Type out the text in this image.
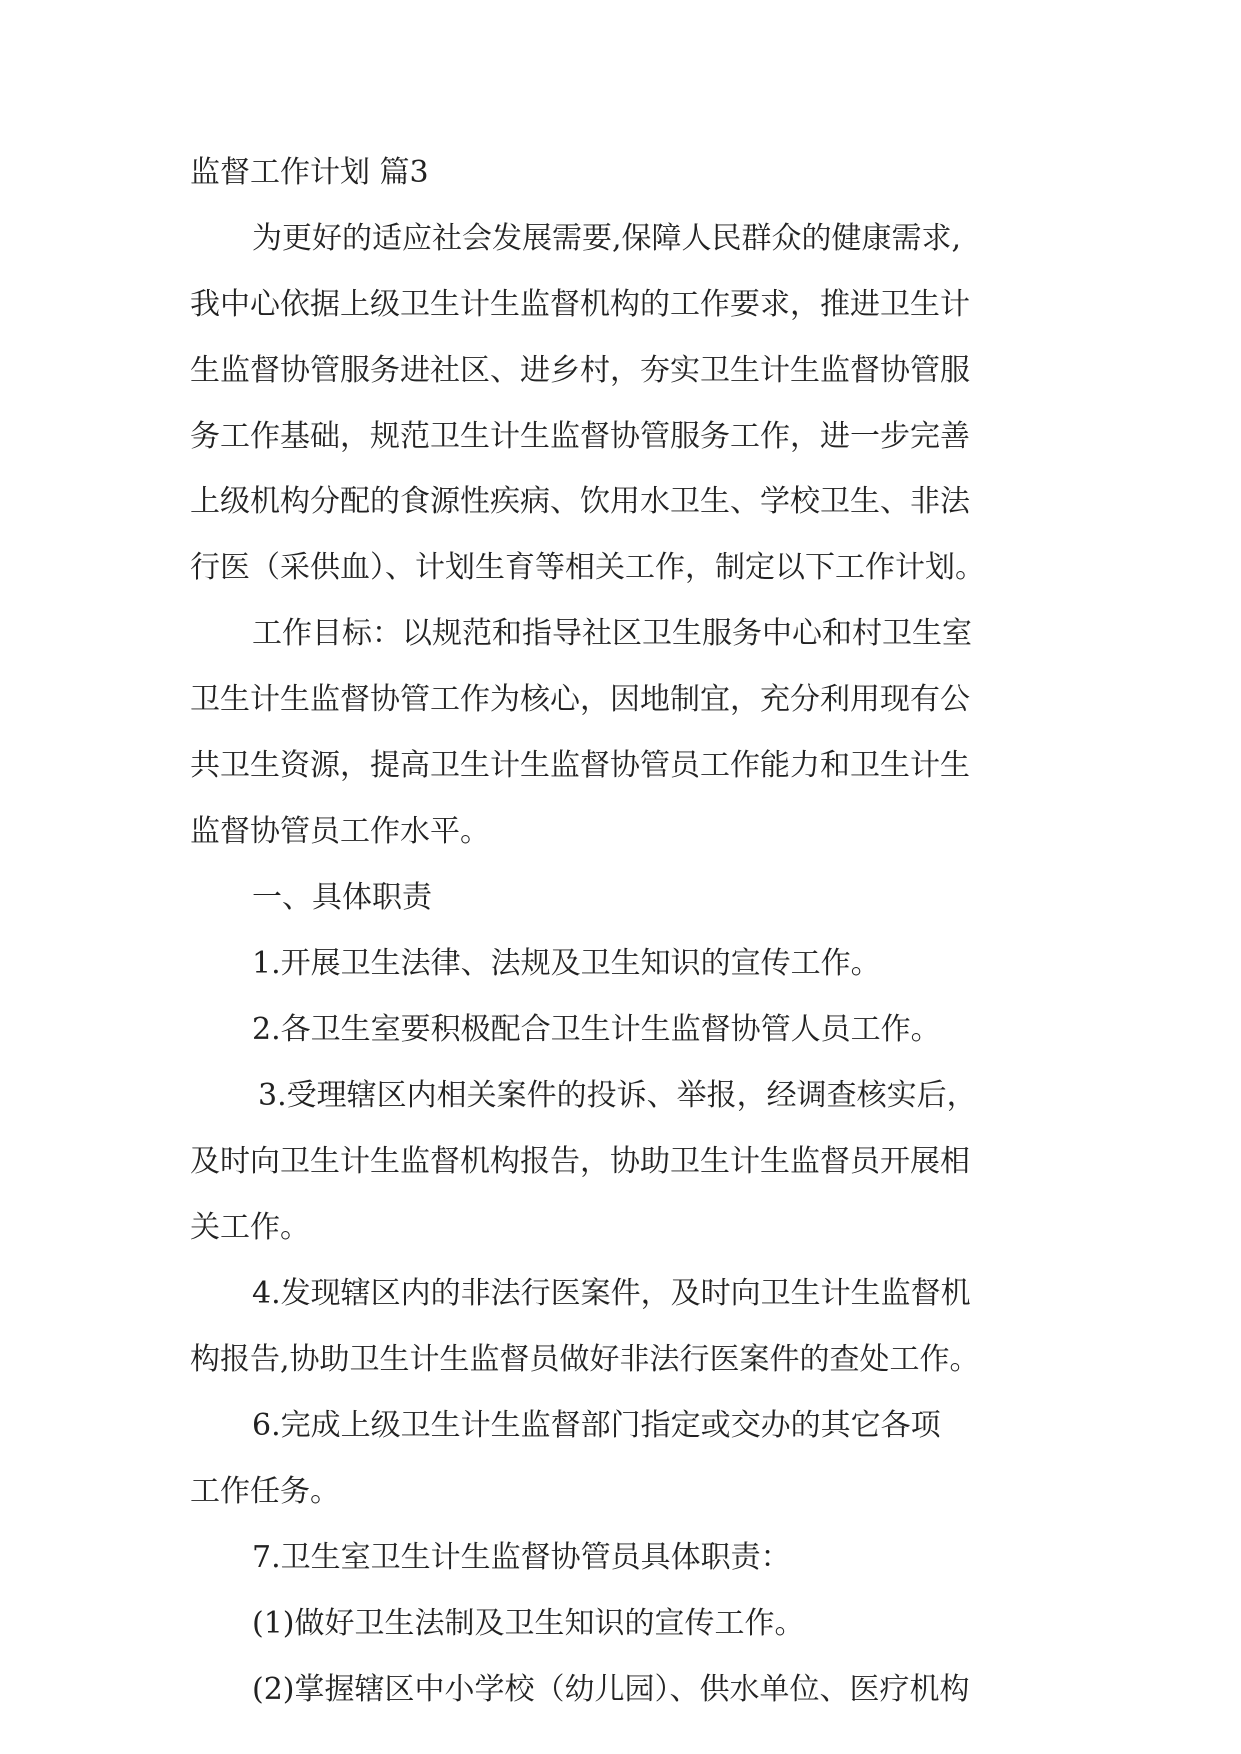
监督工作计划 篇3
为更好的适应社会发展需要,保障人民群众的健康需求,
我中心依据上级卫生计生监督机构的工作要求，推进卫生计
生监督协管服务进社区、进乡村，夯实卫生计生监督协管服
务工作基础，规范卫生计生监督协管服务工作，进一步完善
上级机构分配的食源性疾病、饮用水卫生、学校卫生、非法
行医（采供血）、计划生育等相关工作，制定以下工作计划。
工作目标：以规范和指导社区卫生服务中心和村卫生室
卫生计生监督协管工作为核心，因地制宜，充分利用现有公
共卫生资源，提高卫生计生监督协管员工作能力和卫生计生
监督协管员工作水平。
一、具体职责
1.开展卫生法律、法规及卫生知识的宣传工作。
2.各卫生室要积极配合卫生计生监督协管人员工作。
3.受理辖区内相关案件的投诉、举报，经调查核实后，
及时向卫生计生监督机构报告，协助卫生计生监督员开展相
关工作。
4.发现辖区内的非法行医案件，及时向卫生计生监督机
构报告,协助卫生计生监督员做好非法行医案件的查处工作。
6.完成上级卫生计生监督部门指定或交办的其它各项
工作任务。
7.卫生室卫生计生监督协管员具体职责：
(1)做好卫生法制及卫生知识的宣传工作。
(2)掌握辖区中小学校（幼儿园）、供水单位、医疗机构
